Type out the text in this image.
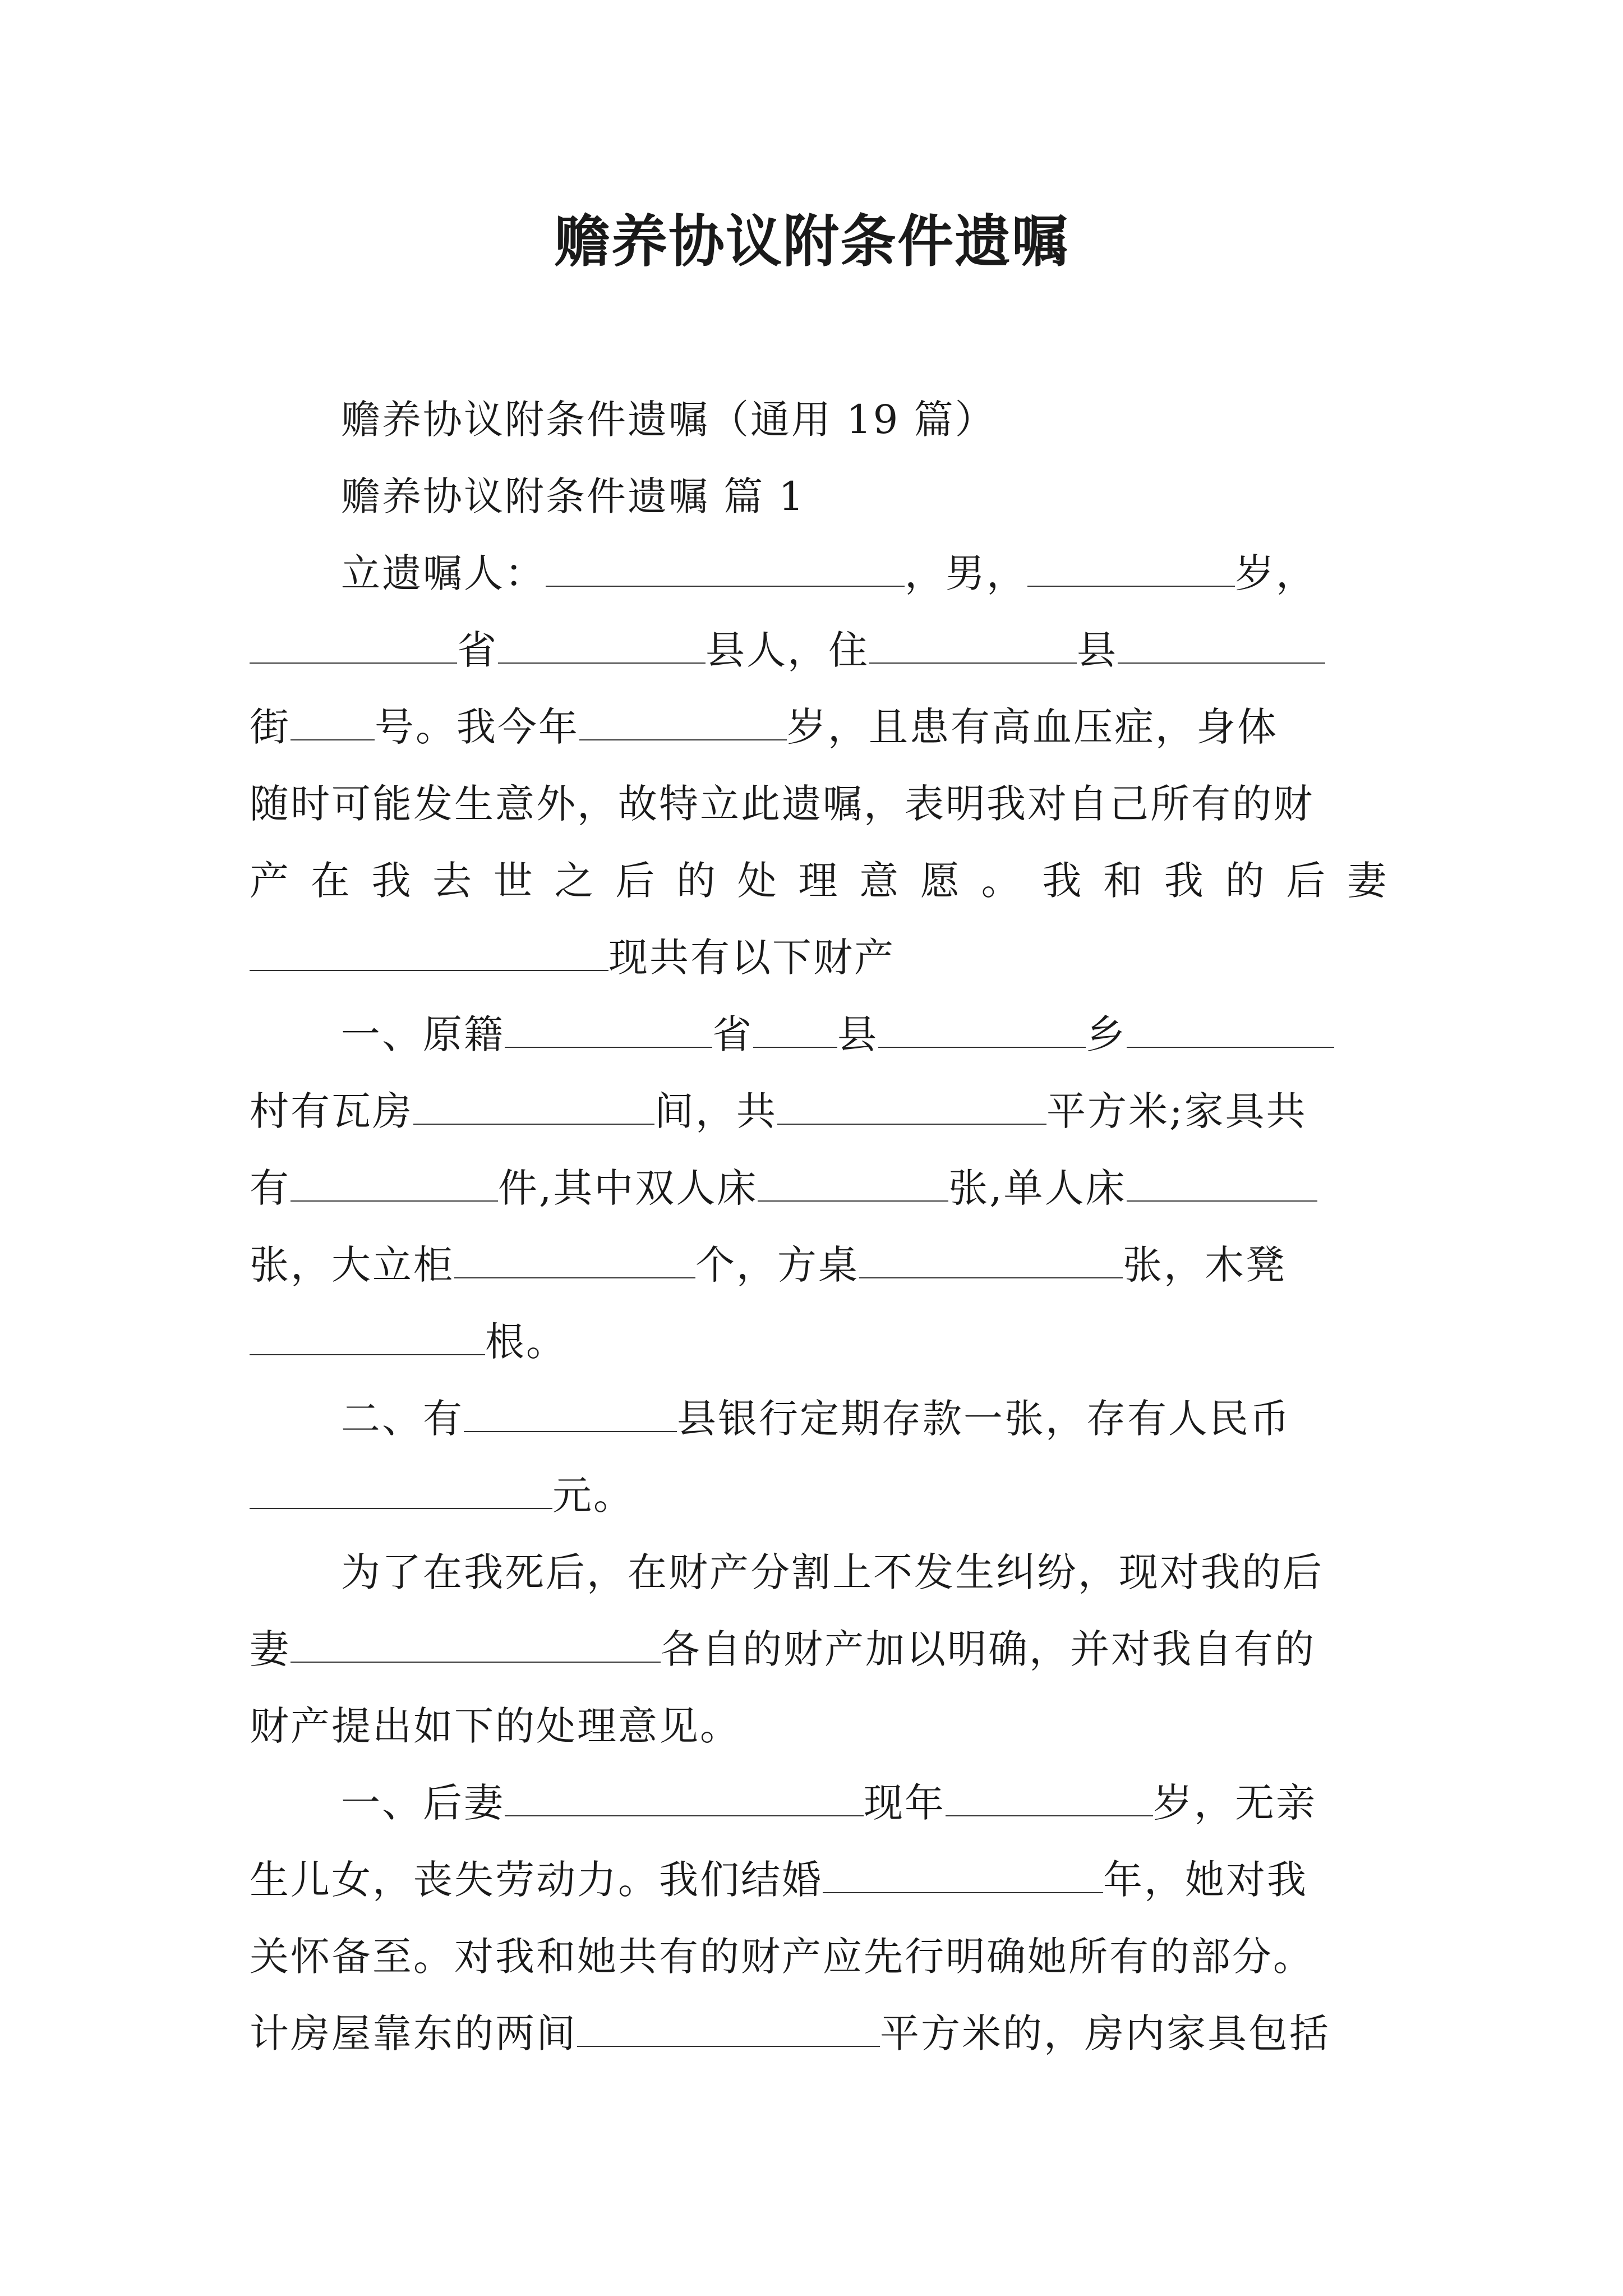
赡养协议附条件遗嘱
赡养协议附条件遗嘱（通用 19 篇）
赡养协议附条件遗嘱 篇 1
立遗嘱人：	，男，	岁，
省	县人，住	县
街 号。我今年	岁，且患有高血压症，身体
随时可能发生意外，故特立此遗嘱，表明我对自己所有的财
产 在 我 去 世 之 后 的 处 理 意 愿 。 我 和 我 的 后 妻
现共有以下财产
一、原籍	省 县	乡
村有瓦房	间，共	平方米;家具共
有	件,其中双人床	张,单人床
张，大立柜	个，方桌	张，木凳
根。
二、有	县银行定期存款一张，存有人民币
元。
为了在我死后，在财产分割上不发生纠纷，现对我的后
妻	各自的财产加以明确，并对我自有的
财产提出如下的处理意见。
一、后妻	现年	岁，无亲
生儿女，丧失劳动力。我们结婚	年，她对我
关怀备至。对我和她共有的财产应先行明确她所有的部分。
计房屋靠东的两间	平方米的，房内家具包括
